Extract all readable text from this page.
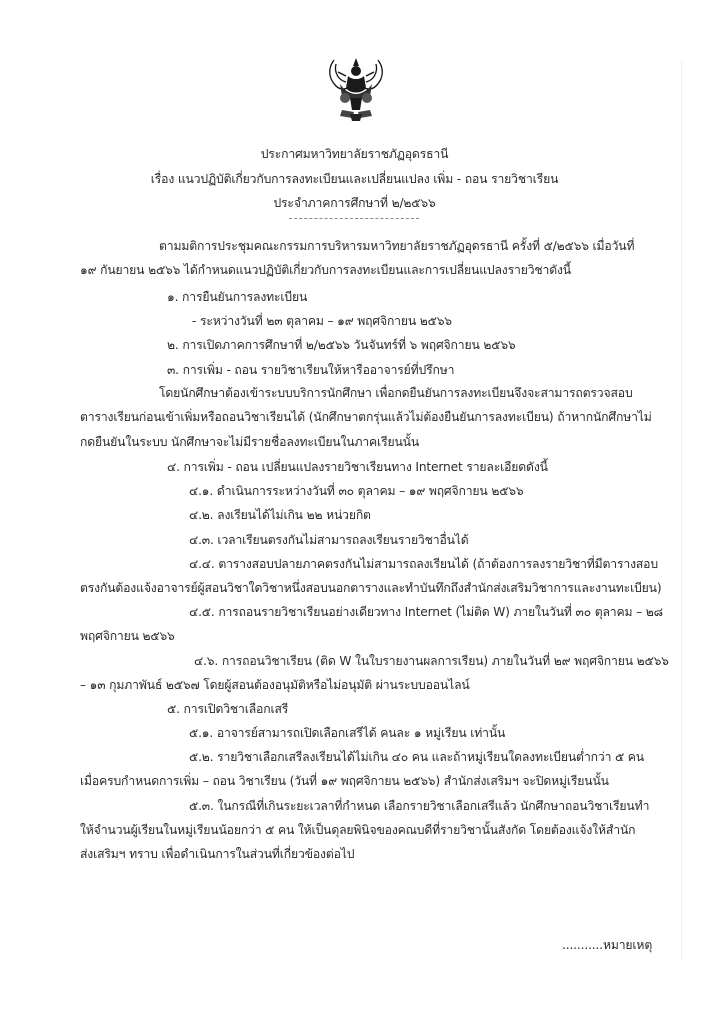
ประกาศมหาวิทยาลัยราชภัฏอุดรธานี
เรื่อง แนวปฏิบัติเกี่ยวกับการลงทะเบียนและเปลี่ยนแปลง เพิ่ม - ถอน รายวิชาเรียน
ประจำภาคการศึกษาที่ ๒/๒๕๖๖
ตามมติการประชุมคณะกรรมการบริหารมหาวิทยาลัยราชภัฏอุดรธานี ครั้งที่ ๕/๒๕๖๖ เมื่อวันที่
๑๙ กันยายน ๒๕๖๖ ได้กำหนดแนวปฏิบัติเกี่ยวกับการลงทะเบียนและการเปลี่ยนแปลงรายวิชาดังนี้
๑. การยืนยันการลงทะเบียน
- ระหว่างวันที่ ๒๓ ตุลาคม – ๑๙ พฤศจิกายน ๒๕๖๖
๒. การเปิดภาคการศึกษาที่ ๒/๒๕๖๖ วันจันทร์ที่ ๖ พฤศจิกายน ๒๕๖๖
๓. การเพิ่ม - ถอน รายวิชาเรียนให้หารืออาจารย์ที่ปรึกษา
โดยนักศึกษาต้องเข้าระบบบริการนักศึกษา เพื่อกดยืนยันการลงทะเบียนจึงจะสามารถตรวจสอบ
ตารางเรียนก่อนเข้าเพิ่มหรือถอนวิชาเรียนได้ (นักศึกษาตกรุ่นแล้วไม่ต้องยืนยันการลงทะเบียน) ถ้าหากนักศึกษาไม่
กดยืนยันในระบบ นักศึกษาจะไม่มีรายชื่อลงทะเบียนในภาคเรียนนั้น
๔. การเพิ่ม - ถอน เปลี่ยนแปลงรายวิชาเรียนทาง Internet รายละเอียดดังนี้
๔.๑. ดำเนินการระหว่างวันที่ ๓๐ ตุลาคม – ๑๙ พฤศจิกายน ๒๕๖๖
๔.๒. ลงเรียนได้ไม่เกิน ๒๒ หน่วยกิต
๔.๓. เวลาเรียนตรงกันไม่สามารถลงเรียนรายวิชาอื่นได้
๔.๔. ตารางสอบปลายภาคตรงกันไม่สามารถลงเรียนได้ (ถ้าต้องการลงรายวิชาที่มีตารางสอบ
ตรงกันต้องแจ้งอาจารย์ผู้สอนวิชาใดวิชาหนึ่งสอบนอกตารางและทำบันทึกถึงสำนักส่งเสริมวิชาการและงานทะเบียน)
๔.๕. การถอนรายวิชาเรียนอย่างเดียวทาง Internet (ไม่ติด W) ภายในวันที่ ๓๐ ตุลาคม – ๒๘
พฤศจิกายน ๒๕๖๖
๔.๖. การถอนวิชาเรียน (ติด W ในใบรายงานผลการเรียน) ภายในวันที่ ๒๙ พฤศจิกายน ๒๕๖๖
– ๑๓ กุมภาพันธ์ ๒๕๖๗ โดยผู้สอนต้องอนุมัติหรือไม่อนุมัติ ผ่านระบบออนไลน์
๕. การเปิดวิชาเลือกเสรี
๕.๑. อาจารย์สามารถเปิดเลือกเสรีได้ คนละ ๑ หมู่เรียน เท่านั้น
๕.๒. รายวิชาเลือกเสรีลงเรียนได้ไม่เกิน ๔๐ คน และถ้าหมู่เรียนใดลงทะเบียนต่ำกว่า ๕ คน
เมื่อครบกำหนดการเพิ่ม – ถอน วิชาเรียน (วันที่ ๑๙ พฤศจิกายน ๒๕๖๖) สำนักส่งเสริมฯ จะปิดหมู่เรียนนั้น
๕.๓. ในกรณีที่เกินระยะเวลาที่กำหนด เลือกรายวิชาเลือกเสรีแล้ว นักศึกษาถอนวิชาเรียนทำ
ให้จำนวนผู้เรียนในหมู่เรียนน้อยกว่า ๕ คน ให้เป็นดุลยพินิจของคณบดีที่รายวิชานั้นสังกัด โดยต้องแจ้งให้สำนัก
ส่งเสริมฯ ทราบ เพื่อดำเนินการในส่วนที่เกี่ยวข้องต่อไป
...........หมายเหตุ
